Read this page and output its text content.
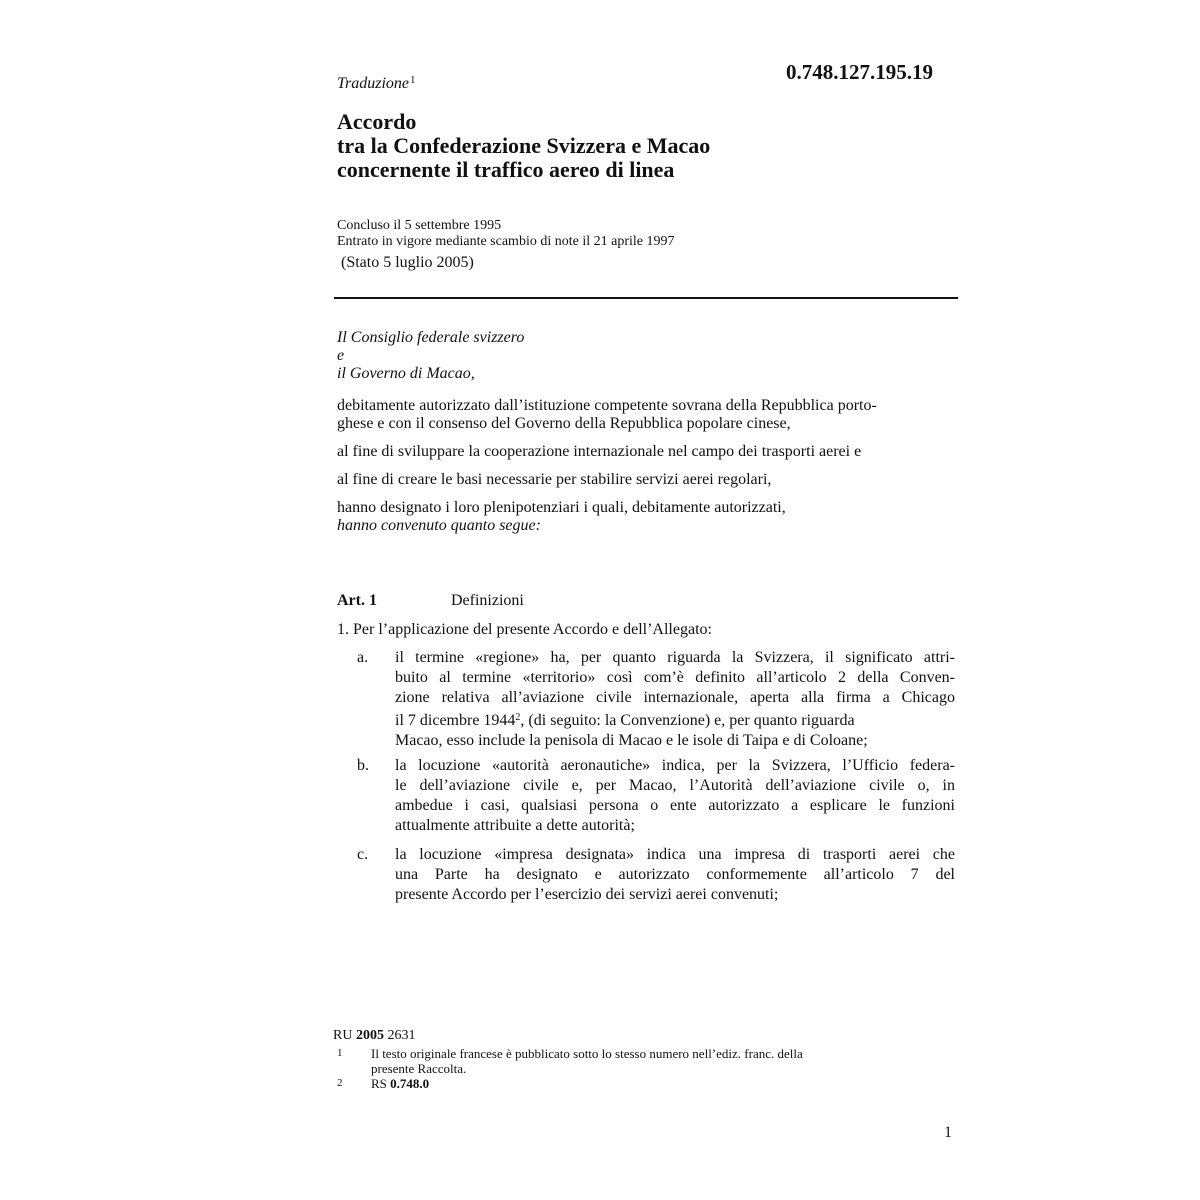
0.748.127.195.19
Traduzione$^1$
Accordo
tra la Confederazione Svizzera e Macao
concernente il traffico aereo di linea
Concluso il 5 settembre 1995
Entrato in vigore mediante scambio di note il 21 aprile 1997
(Stato 5 luglio 2005)
Il Consiglio federale svizzero
e
il Governo di Macao,

debitamente autorizzato dall’istituzione competente sovrana della Repubblica porto-
ghese e con il consenso del Governo della Repubblica popolare cinese,

al fine di sviluppare la cooperazione internazionale nel campo dei trasporti aerei e

al fine di creare le basi necessarie per stabilire servizi aerei regolari,

hanno designato i loro plenipotenziari i quali, debitamente autorizzati,

hanno convenuto quanto segue:

Art. 1	Definizioni
1. Per l’applicazione del presente Accordo e dell’Allegato:
a. il termine «regione» ha, per quanto riguarda la Svizzera, il significato attri-
buito al termine «territorio» così com’è definito all’articolo 2 della Conven-
zione relativa all’aviazione civile internazionale, aperta alla firma a Chicago
il 7 dicembre 1944$^2$, (di seguito: la Convenzione) e, per quanto riguarda
Macao, esso include la penisola di Macao e le isole di Taipa e di Coloane;
b. la locuzione «autorità aeronautiche» indica, per la Svizzera, l’Ufficio federa-
le dell’aviazione civile e, per Macao, l’Autorità dell’aviazione civile o, in
ambedue i casi, qualsiasi persona o ente autorizzato a esplicare le funzioni
attualmente attribuite a dette autorità;
c. la locuzione «impresa designata» indica una impresa di trasporti aerei che
una Parte ha designato e autorizzato conformemente all’articolo 7 del
presente Accordo per l’esercizio dei servizi aerei convenuti;
RU 2005 2631
1 Il testo originale francese è pubblicato sotto lo stesso numero nell’ediz. franc. della
presente Raccolta.
2 RS 0.748.0
1
